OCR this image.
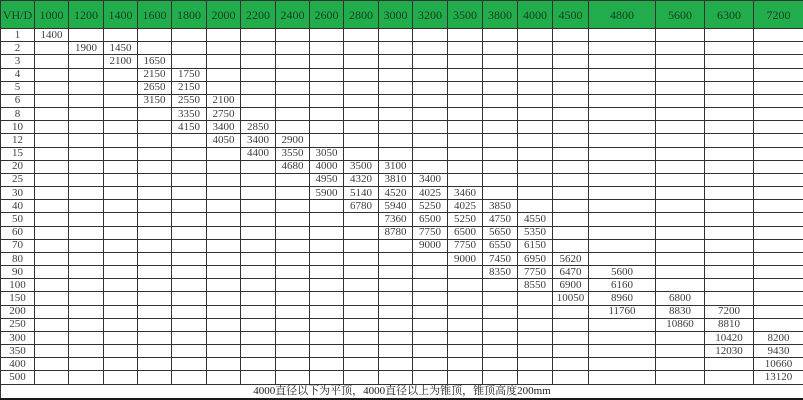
VH/D	1000	1200	1400	1600	1800	2000	2200	2400	2600	2800	3000	3200	3500	3800	4000	4500	4800	5600	6300	7200
1	1400																			
2		1900	1450																	
3			2100	1650																
4				2150	1750															
5				2650	2150															
6				3150	2550	2100														
8					3350	2750														
10					4150	3400	2850													
12						4050	3400	2900												
15							4400	3550	3050											
20								4680	4000	3500	3100									
25									4950	4320	3810	3400								
30									5900	5140	4520	4025	3460							
40										6780	5940	5250	4025	3850						
50											7360	6500	5250	4750	4550					
60											8780	7750	6500	5650	5350					
70												9000	7750	6550	6150					
80													9000	7450	6950	5620				
90														8350	7750	6470	5600			
100															8550	6900	6160			
150																10050	8960	6800		
200																	11760	8830	7200	
250																		10860	8810	
300																			10420	8200
350																			12030	9430
400																				10660
500																				13120
4000直径以下为平顶，4000直径以上为锥顶，锥顶高度200mm																				
